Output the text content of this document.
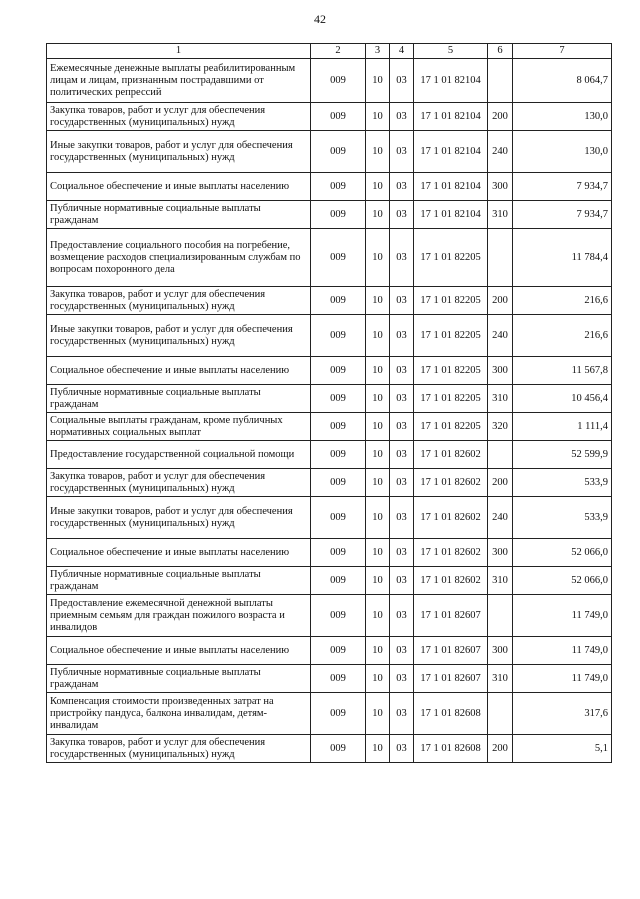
42
1	2	3	4	5	6	7
Ежемесячные денежные выплаты реабилитированным лицам и лицам, признанным пострадавшими от политических репрессий	009	10	03	17 1 01 82104		8 064,7
Закупка товаров, работ и услуг для обеспечения государственных (муниципальных) нужд	009	10	03	17 1 01 82104	200	130,0
Иные закупки товаров, работ и услуг для обеспечения государственных (муниципальных) нужд	009	10	03	17 1 01 82104	240	130,0
Социальное обеспечение и иные выплаты населению	009	10	03	17 1 01 82104	300	7 934,7
Публичные нормативные социальные выплаты гражданам	009	10	03	17 1 01 82104	310	7 934,7
Предоставление социального пособия на погребение, возмещение расходов специализированным службам по вопросам похоронного дела	009	10	03	17 1 01 82205		11 784,4
Закупка товаров, работ и услуг для обеспечения государственных (муниципальных) нужд	009	10	03	17 1 01 82205	200	216,6
Иные закупки товаров, работ и услуг для обеспечения государственных (муниципальных) нужд	009	10	03	17 1 01 82205	240	216,6
Социальное обеспечение и иные выплаты населению	009	10	03	17 1 01 82205	300	11 567,8
Публичные нормативные социальные выплаты гражданам	009	10	03	17 1 01 82205	310	10 456,4
Социальные выплаты гражданам, кроме публичных нормативных социальных выплат	009	10	03	17 1 01 82205	320	1 111,4
Предоставление государственной социальной помощи	009	10	03	17 1 01 82602		52 599,9
Закупка товаров, работ и услуг для обеспечения государственных (муниципальных) нужд	009	10	03	17 1 01 82602	200	533,9
Иные закупки товаров, работ и услуг для обеспечения государственных (муниципальных) нужд	009	10	03	17 1 01 82602	240	533,9
Социальное обеспечение и иные выплаты населению	009	10	03	17 1 01 82602	300	52 066,0
Публичные нормативные социальные выплаты гражданам	009	10	03	17 1 01 82602	310	52 066,0
Предоставление ежемесячной денежной выплаты приемным семьям для граждан пожилого возраста и инвалидов	009	10	03	17 1 01 82607		11 749,0
Социальное обеспечение и иные выплаты населению	009	10	03	17 1 01 82607	300	11 749,0
Публичные нормативные социальные выплаты гражданам	009	10	03	17 1 01 82607	310	11 749,0
Компенсация стоимости произведенных затрат на пристройку пандуса, балкона инвалидам, детям-инвалидам	009	10	03	17 1 01 82608		317,6
Закупка товаров, работ и услуг для обеспечения государственных (муниципальных) нужд	009	10	03	17 1 01 82608	200	5,1
